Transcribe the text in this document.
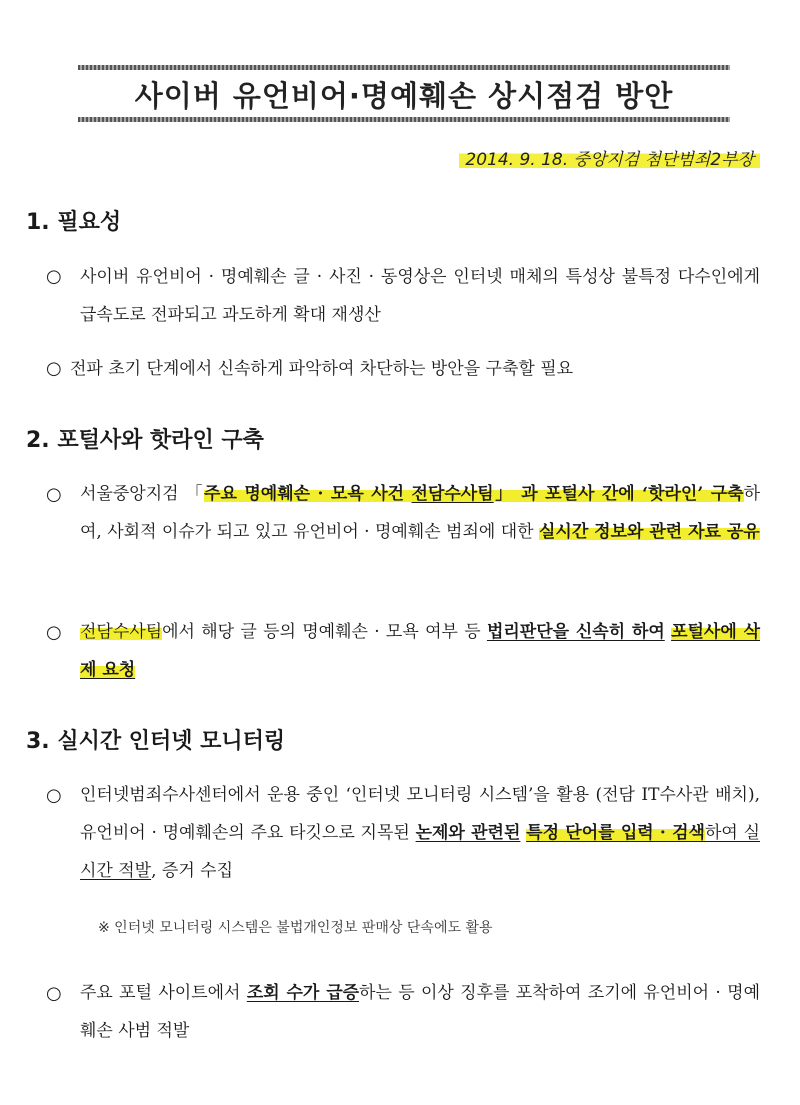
사이버 유언비어·명예훼손 상시점검 방안
2014. 9. 18. 중앙지검 첨단범죄2부장
1. 필요성
○ 사이버 유언비어 · 명예훼손 글 · 사진 · 동영상은 인터넷 매체의 특성상 불특정 다수인에게 급속도로 전파되고 과도하게 확대 재생산
○ 전파 초기 단계에서 신속하게 파악하여 차단하는 방안을 구축할 필요
2. 포털사와 핫라인 구축
○ 서울중앙지검 「주요 명예훼손 · 모욕 사건 전담수사팀」 과 포털사 간에 ‘핫라인’ 구축하여, 사회적 이슈가 되고 있고 유언비어 · 명예훼손 범죄에 대한 실시간 정보와 관련 자료 공유
○ 전담수사팀에서 해당 글 등의 명예훼손 · 모욕 여부 등 법리판단을 신속히 하여 포털사에 삭제 요청
3. 실시간 인터넷 모니터링
○ 인터넷범죄수사센터에서 운용 중인 ‘인터넷 모니터링 시스템’을 활용 (전담 IT수사관 배치), 유언비어 · 명예훼손의 주요 타깃으로 지목된 논제와 관련된 특정 단어를 입력 · 검색하여 실시간 적발, 증거 수집
※ 인터넷 모니터링 시스템은 불법개인정보 판매상 단속에도 활용
○ 주요 포털 사이트에서 조회 수가 급증하는 등 이상 징후를 포착하여 조기에 유언비어 · 명예훼손 사범 적발
